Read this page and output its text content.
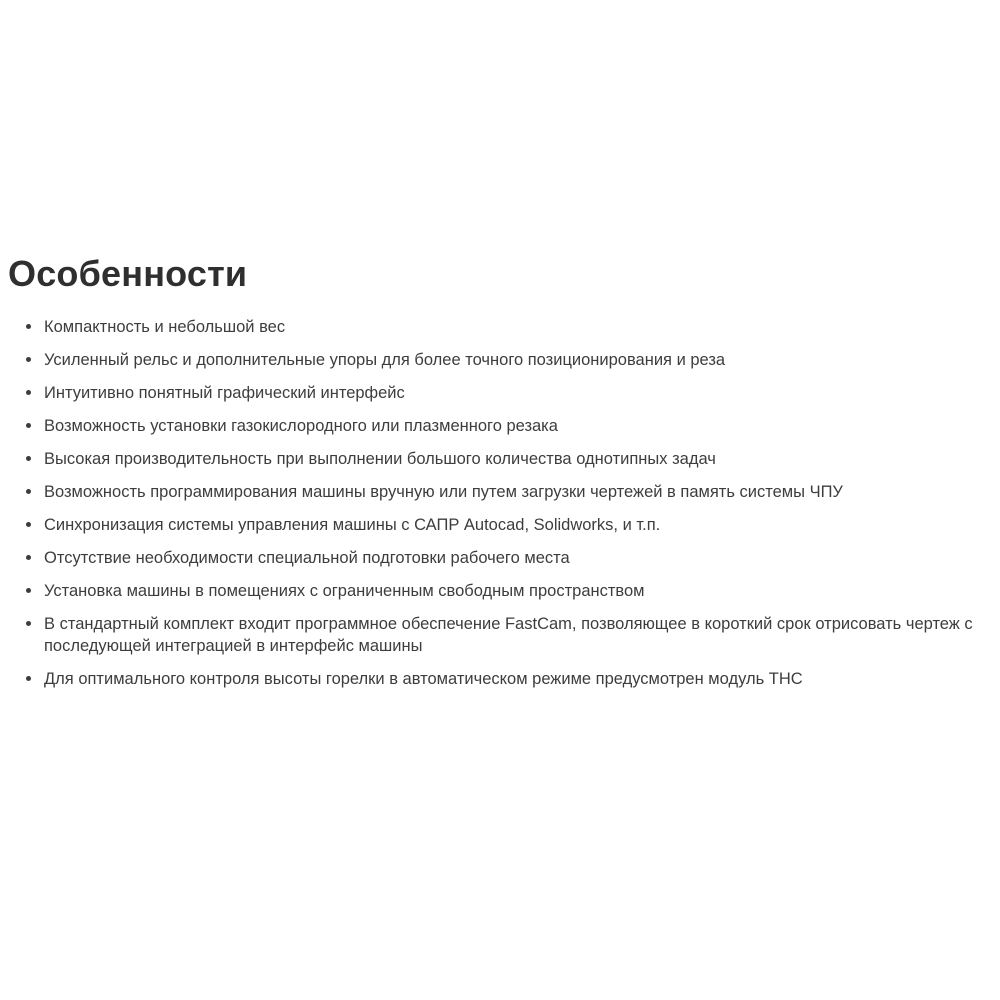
Особенности
Компактность и небольшой вес
Усиленный рельс и дополнительные упоры для более точного позиционирования и реза
Интуитивно понятный графический интерфейс
Возможность установки газокислородного или плазменного резака
Высокая производительность при выполнении большого количества однотипных задач
Возможность программирования машины вручную или путем загрузки чертежей в память системы ЧПУ
Синхронизация системы управления машины с САПР Autocad, Solidworks, и т.п.
Отсутствие необходимости специальной подготовки рабочего места
Установка машины в помещениях с ограниченным свободным пространством
В стандартный комплект входит программное обеспечение FastCam, позволяющее в короткий срок отрисовать чертеж с последующей интеграцией в интерфейс машины
Для оптимального контроля высоты горелки в автоматическом режиме предусмотрен модуль THC
